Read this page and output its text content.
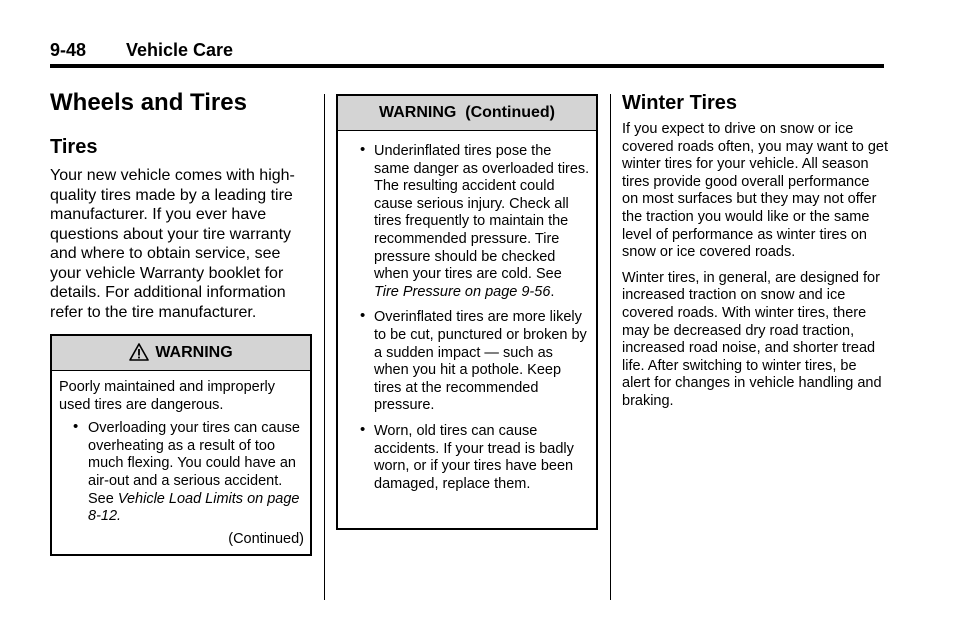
9-48 Vehicle Care
Wheels and Tires
Tires

Your new vehicle comes with high-quality tires made by a leading tire manufacturer. If you ever have questions about your tire warranty and where to obtain service, see your vehicle Warranty booklet for details. For additional information refer to the tire manufacturer.

WARNING

Poorly maintained and improperly used tires are dangerous.

• Overloading your tires can cause overheating as a result of too much flexing. You could have an air-out and a serious accident. See Vehicle Load Limits on page 8-12.

(Continued)

WARNING  (Continued)
• Underinflated tires pose the same danger as overloaded tires. The resulting accident could cause serious injury. Check all tires frequently to maintain the recommended pressure. Tire pressure should be checked when your tires are cold. See Tire Pressure on page 9-56.
• Overinflated tires are more likely to be cut, punctured or broken by a sudden impact — such as when you hit a pothole. Keep tires at the recommended pressure.
• Worn, old tires can cause accidents. If your tread is badly worn, or if your tires have been damaged, replace them.
Winter Tires

If you expect to drive on snow or ice covered roads often, you may want to get winter tires for your vehicle. All season tires provide good overall performance on most surfaces but they may not offer the traction you would like or the same level of performance as winter tires on snow or ice covered roads.

Winter tires, in general, are designed for increased traction on snow and ice covered roads. With winter tires, there may be decreased dry road traction, increased road noise, and shorter tread life. After switching to winter tires, be alert for changes in vehicle handling and braking.
